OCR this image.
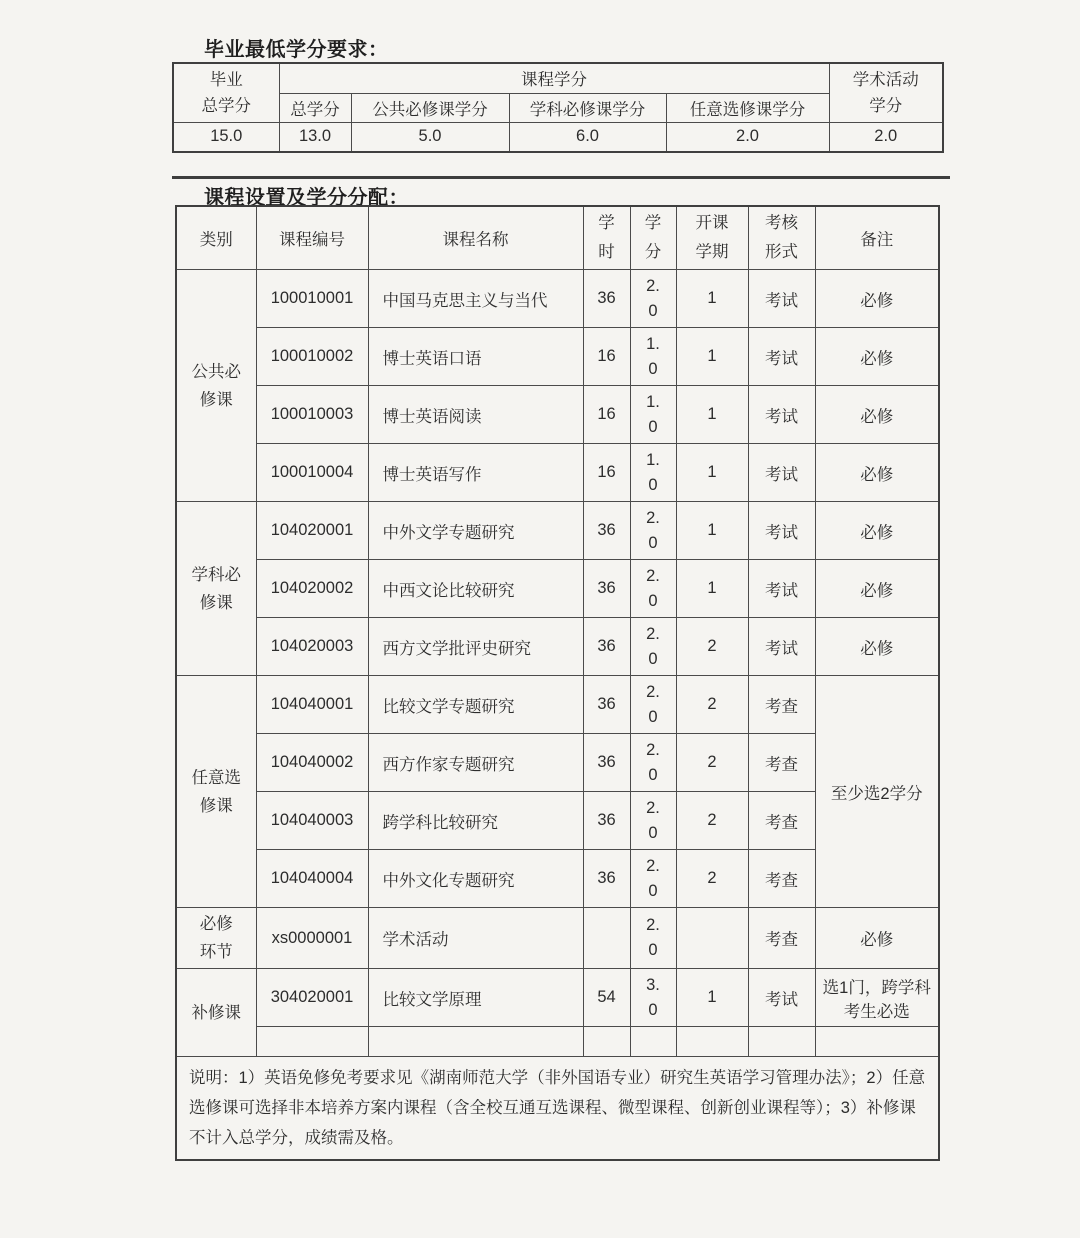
毕业最低学分要求：
毕业
总学分
	课程学分	学术活动
学分

	总学分	公共必修课学分	学科必修课学分	任意选修课学分	
15.0	13.0	5.0	6.0	2.0	2.0
课程设置及学分分配：
类别	课程编号	课程名称	学时	学分	开课学期	考核形式	备注
公共必修课	100010001	中国马克思主义与当代	36	2.0	1	考试	必修
	100010002	博士英语口语	16	1.0	1	考试	必修
	100010003	博士英语阅读	16	1.0	1	考试	必修
	100010004	博士英语写作	16	1.0	1	考试	必修
学科必修课	104020001	中外文学专题研究	36	2.0	1	考试	必修
	104020002	中西文论比较研究	36	2.0	1	考试	必修
	104020003	西方文学批评史研究	36	2.0	2	考试	必修
任意选修课	104040001	比较文学专题研究	36	2.0	2	考查	至少选2学分
	104040002	西方作家专题研究	36	2.0	2	考查	
	104040003	跨学科比较研究	36	2.0	2	考查	
	104040004	中外文化专题研究	36	2.0	2	考查	
必修环节	xs0000001	学术活动		2.0		考查	必修
补修课	304020001	比较文学原理	54	3.0	1	考试	选1门，跨学科考生必选

说明：1）英语免修免考要求见《湖南师范大学（非外国语专业）研究生英语学习管理办法》；2）任意选修课可选择非本培养方案内课程（含全校互通互选课程、微型课程、创新创业课程等）；3）补修课不计入总学分，成绩需及格。							
